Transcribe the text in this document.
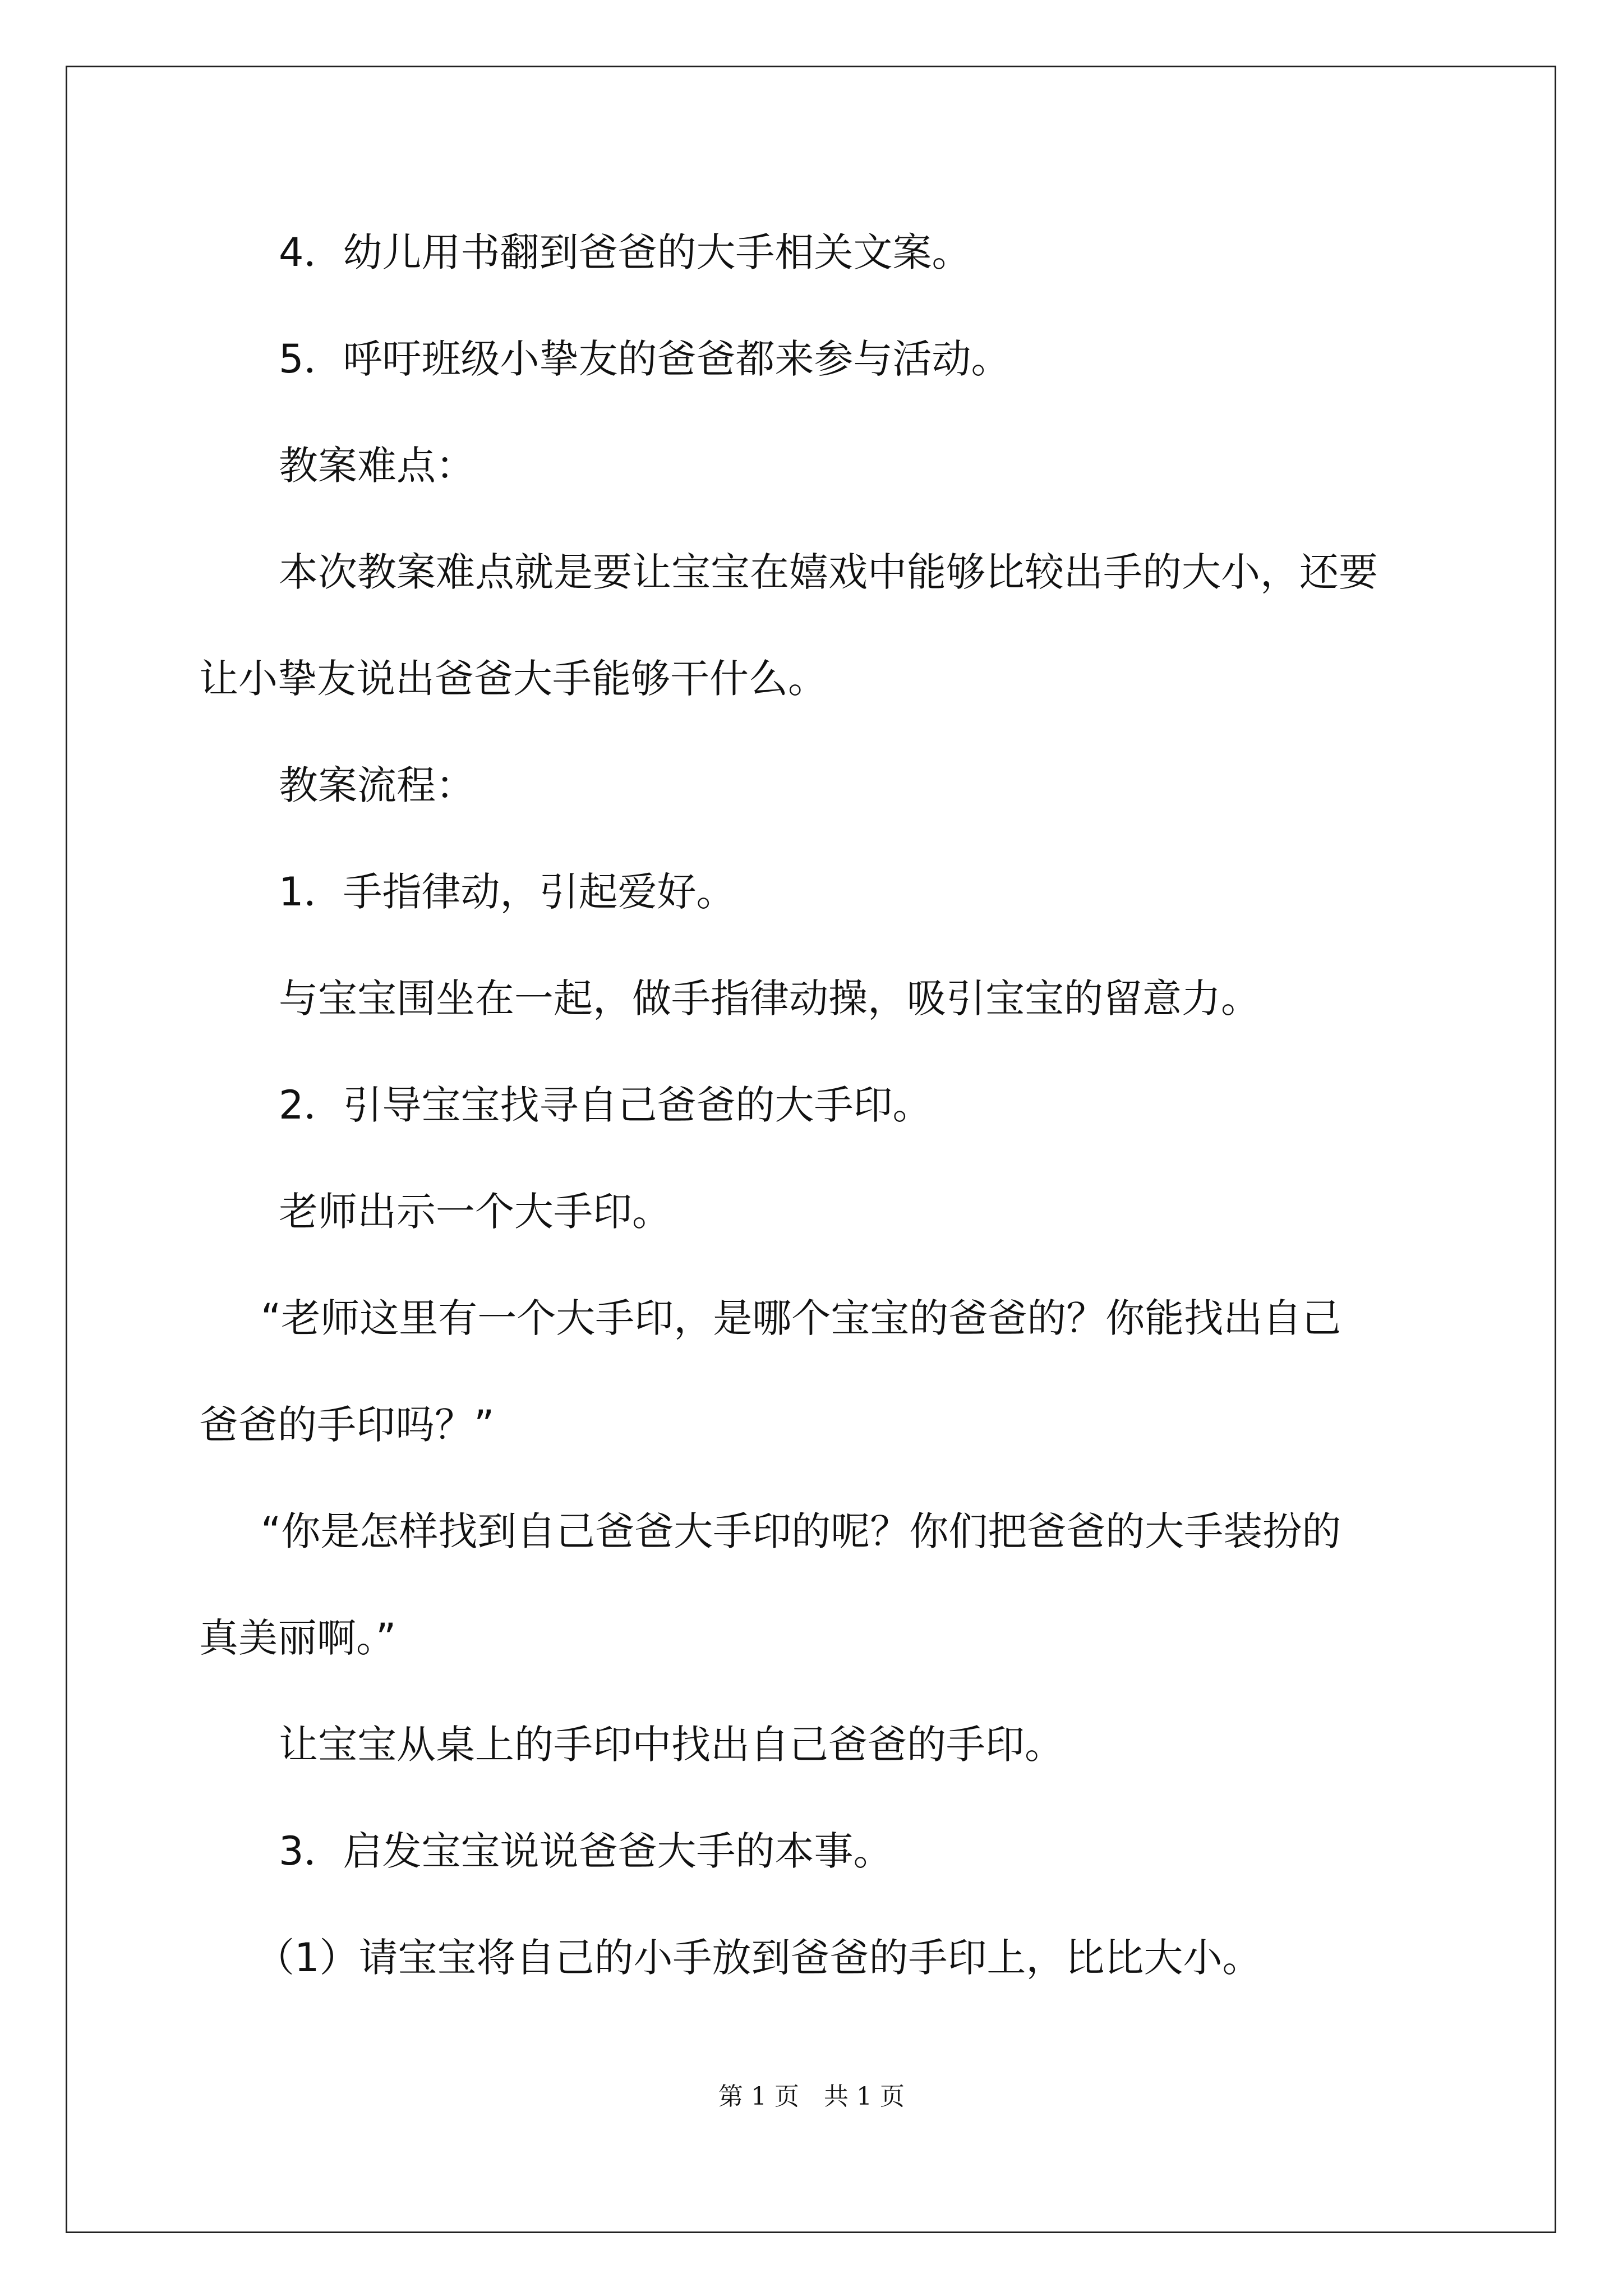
4．幼儿用书翻到爸爸的大手相关文案。
5．呼吁班级小挚友的爸爸都来参与活动。
教案难点：
本次教案难点就是要让宝宝在嬉戏中能够比较出手的大小，还要
让小挚友说出爸爸大手能够干什么。
教案流程：
1．手指律动，引起爱好。
与宝宝围坐在一起，做手指律动操，吸引宝宝的留意力。
2．引导宝宝找寻自己爸爸的大手印。
老师出示一个大手印。
“老师这里有一个大手印，是哪个宝宝的爸爸的？你能找出自己
爸爸的手印吗？”
“你是怎样找到自己爸爸大手印的呢？你们把爸爸的大手装扮的
真美丽啊。”
让宝宝从桌上的手印中找出自己爸爸的手印。
3．启发宝宝说说爸爸大手的本事。
（1）请宝宝将自己的小手放到爸爸的手印上，比比大小。
第 1 页　共 1 页
